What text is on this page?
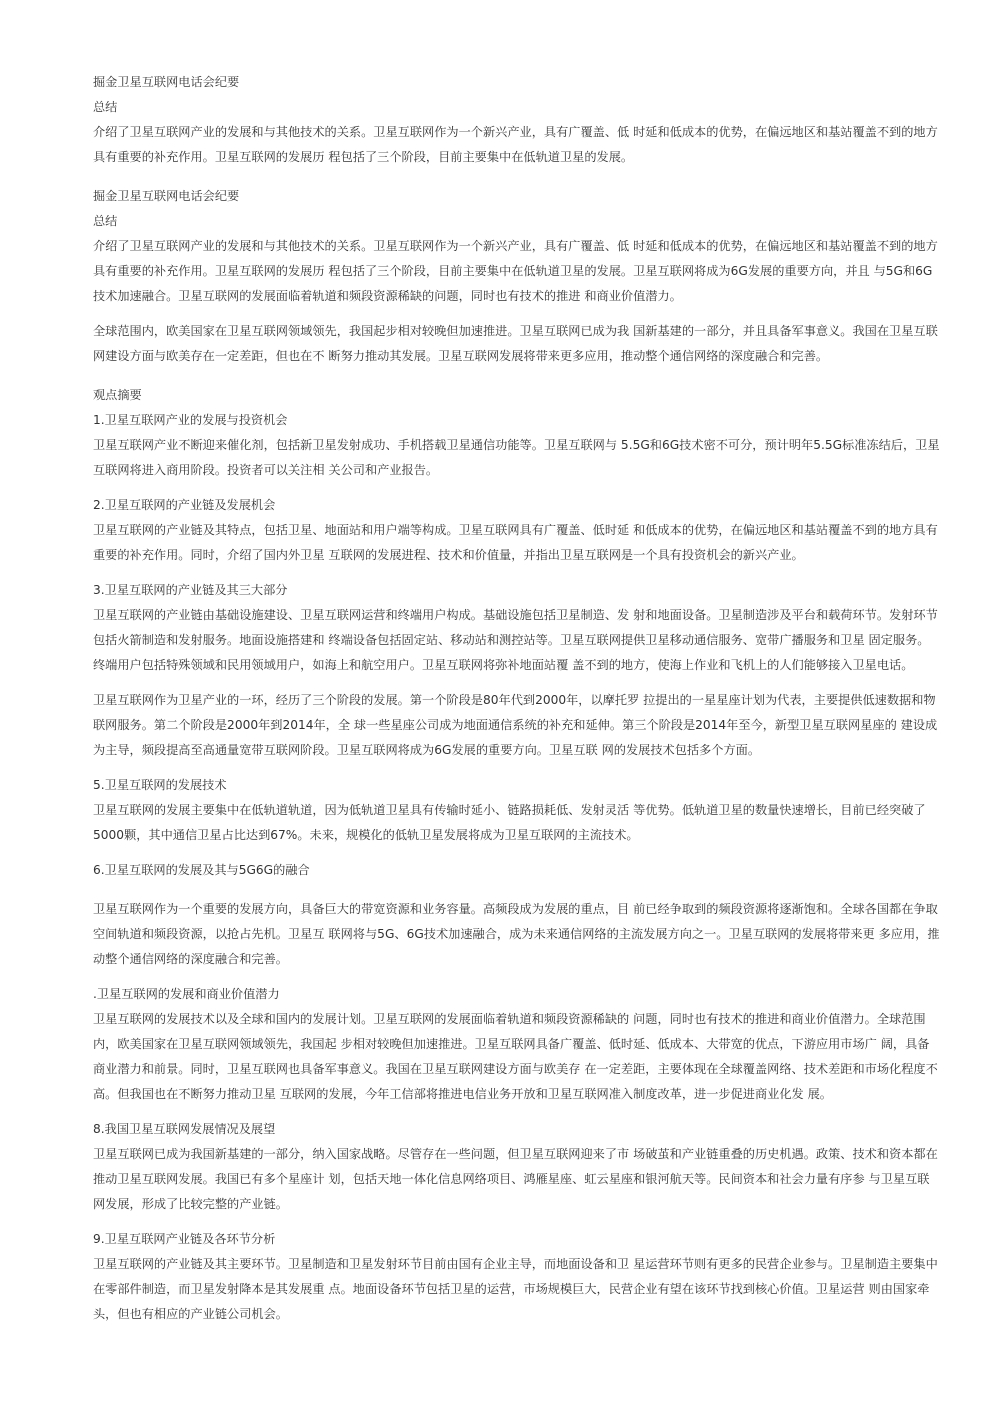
掘金卫星互联网电话会纪要

总结

介绍了卫星互联网产业的发展和与其他技术的关系。卫星互联网作为一个新兴产业，具有广覆盖、低 时延和低成本的优势，在偏远地区和基站覆盖不到的地方具有重要的补充作用。卫星互联网的发展历 程包括了三个阶段，目前主要集中在低轨道卫星的发展。

掘金卫星互联网电话会纪要

总结

介绍了卫星互联网产业的发展和与其他技术的关系。卫星互联网作为一个新兴产业，具有广覆盖、低 时延和低成本的优势，在偏远地区和基站覆盖不到的地方具有重要的补充作用。卫星互联网的发展历 程包括了三个阶段，目前主要集中在低轨道卫星的发展。卫星互联网将成为6G发展的重要方向，并且 与5G和6G技术加速融合。卫星互联网的发展面临着轨道和频段资源稀缺的问题，同时也有技术的推进 和商业价值潜力。

全球范围内，欧美国家在卫星互联网领域领先，我国起步相对较晚但加速推进。卫星互联网已成为我 国新基建的一部分，并且具备军事意义。我国在卫星互联网建设方面与欧美存在一定差距，但也在不 断努力推动其发展。卫星互联网发展将带来更多应用，推动整个通信网络的深度融合和完善。

观点摘要

1.卫星互联网产业的发展与投资机会

卫星互联网产业不断迎来催化剂，包括新卫星发射成功、手机搭载卫星通信功能等。卫星互联网与 5.5G和6G技术密不可分，预计明年5.5G标准冻结后，卫星互联网将进入商用阶段。投资者可以关注相 关公司和产业报告。

2.卫星互联网的产业链及发展机会

卫星互联网的产业链及其特点，包括卫星、地面站和用户端等构成。卫星互联网具有广覆盖、低时延 和低成本的优势，在偏远地区和基站覆盖不到的地方具有重要的补充作用。同时，介绍了国内外卫星 互联网的发展进程、技术和价值量，并指出卫星互联网是一个具有投资机会的新兴产业。

3.卫星互联网的产业链及其三大部分

卫星互联网的产业链由基础设施建设、卫星互联网运营和终端用户构成。基础设施包括卫星制造、发 射和地面设备。卫星制造涉及平台和载荷环节。发射环节包括火箭制造和发射服务。地面设施搭建和 终端设备包括固定站、移动站和测控站等。卫星互联网提供卫星移动通信服务、宽带广播服务和卫星 固定服务。终端用户包括特殊领域和民用领域用户，如海上和航空用户。卫星互联网将弥补地面站覆 盖不到的地方，使海上作业和飞机上的人们能够接入卫星电话。

卫星互联网作为卫星产业的一环，经历了三个阶段的发展。第一个阶段是80年代到2000年，以摩托罗 拉提出的一星星座计划为代表，主要提供低速数据和物联网服务。第二个阶段是2000年到2014年，全 球一些星座公司成为地面通信系统的补充和延伸。第三个阶段是2014年至今，新型卫星互联网星座的 建设成为主导，频段提高至高通量宽带互联网阶段。卫星互联网将成为6G发展的重要方向。卫星互联 网的发展技术包括多个方面。

5.卫星互联网的发展技术

卫星互联网的发展主要集中在低轨道轨道，因为低轨道卫星具有传输时延小、链路损耗低、发射灵活 等优势。低轨道卫星的数量快速增长，目前已经突破了5000颗，其中通信卫星占比达到67%。未来，规模化的低轨卫星发展将成为卫星互联网的主流技术。

6.卫星互联网的发展及其与5G6G的融合

卫星互联网作为一个重要的发展方向，具备巨大的带宽资源和业务容量。高频段成为发展的重点，目 前已经争取到的频段资源将逐渐饱和。全球各国都在争取空间轨道和频段资源，以抢占先机。卫星互 联网将与5G、6G技术加速融合，成为未来通信网络的主流发展方向之一。卫星互联网的发展将带来更 多应用，推动整个通信网络的深度融合和完善。

.卫星互联网的发展和商业价值潜力

卫星互联网的发展技术以及全球和国内的发展计划。卫星互联网的发展面临着轨道和频段资源稀缺的 问题，同时也有技术的推进和商业价值潜力。全球范围内，欧美国家在卫星互联网领域领先，我国起 步相对较晚但加速推进。卫星互联网具备广覆盖、低时延、低成本、大带宽的优点，下游应用市场广 阔，具备商业潜力和前景。同时，卫星互联网也具备军事意义。我国在卫星互联网建设方面与欧美存 在一定差距，主要体现在全球覆盖网络、技术差距和市场化程度不高。但我国也在不断努力推动卫星 互联网的发展，今年工信部将推进电信业务开放和卫星互联网准入制度改革，进一步促进商业化发 展。

8.我国卫星互联网发展情况及展望

卫星互联网已成为我国新基建的一部分，纳入国家战略。尽管存在一些问题，但卫星互联网迎来了市 场破茧和产业链重叠的历史机遇。政策、技术和资本都在推动卫星互联网发展。我国已有多个星座计 划，包括天地一体化信息网络项目、鸿雁星座、虹云星座和银河航天等。民间资本和社会力量有序参 与卫星互联网发展，形成了比较完整的产业链。

9.卫星互联网产业链及各环节分析

卫星互联网的产业链及其主要环节。卫星制造和卫星发射环节目前由国有企业主导，而地面设备和卫 星运营环节则有更多的民营企业参与。卫星制造主要集中在零部件制造，而卫星发射降本是其发展重 点。地面设备环节包括卫星的运营，市场规模巨大，民营企业有望在该环节找到核心价值。卫星运营 则由国家牵头，但也有相应的产业链公司机会。
